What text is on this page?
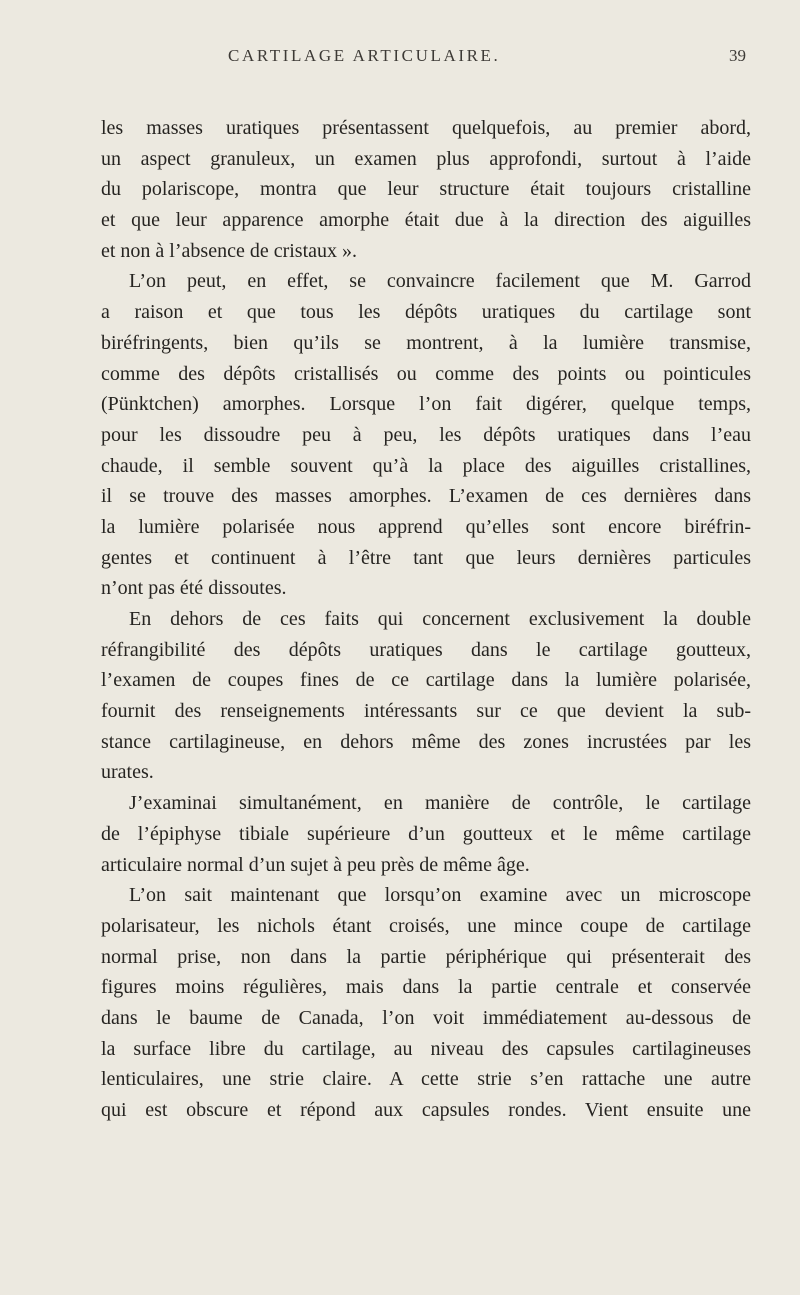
CARTILAGE ARTICULAIRE.	39
les masses uratiques présentassent quelquefois, au premier abord,
un aspect granuleux, un examen plus approfondi, surtout à l’aide
du polariscope, montra que leur structure était toujours cristalline
et que leur apparence amorphe était due à la direction des aiguilles
et non à l’absence de cristaux ».
L’on peut, en effet, se convaincre facilement que M. Garrod
a raison et que tous les dépôts uratiques du cartilage sont
biréfringents, bien qu’ils se montrent, à la lumière transmise,
comme des dépôts cristallisés ou comme des points ou pointicules
(Pünktchen) amorphes. Lorsque l’on fait digérer, quelque temps,
pour les dissoudre peu à peu, les dépôts uratiques dans l’eau
chaude, il semble souvent qu’à la place des aiguilles cristallines,
il se trouve des masses amorphes. L’examen de ces dernières dans
la lumière polarisée nous apprend qu’elles sont encore biréfrin-
gentes et continuent à l’être tant que leurs dernières particules
n’ont pas été dissoutes.
En dehors de ces faits qui concernent exclusivement la double
réfrangibilité des dépôts uratiques dans le cartilage goutteux,
l’examen de coupes fines de ce cartilage dans la lumière polarisée,
fournit des renseignements intéressants sur ce que devient la sub-
stance cartilagineuse, en dehors même des zones incrustées par les
urates.
J’examinai simultanément, en manière de contrôle, le cartilage
de l’épiphyse tibiale supérieure d’un goutteux et le même cartilage
articulaire normal d’un sujet à peu près de même âge.
L’on sait maintenant que lorsqu’on examine avec un microscope
polarisateur, les nichols étant croisés, une mince coupe de cartilage
normal prise, non dans la partie périphérique qui présenterait des
figures moins régulières, mais dans la partie centrale et conservée
dans le baume de Canada, l’on voit immédiatement au-dessous de
la surface libre du cartilage, au niveau des capsules cartilagineuses
lenticulaires, une strie claire. A cette strie s’en rattache une autre
qui est obscure et répond aux capsules rondes. Vient ensuite une
